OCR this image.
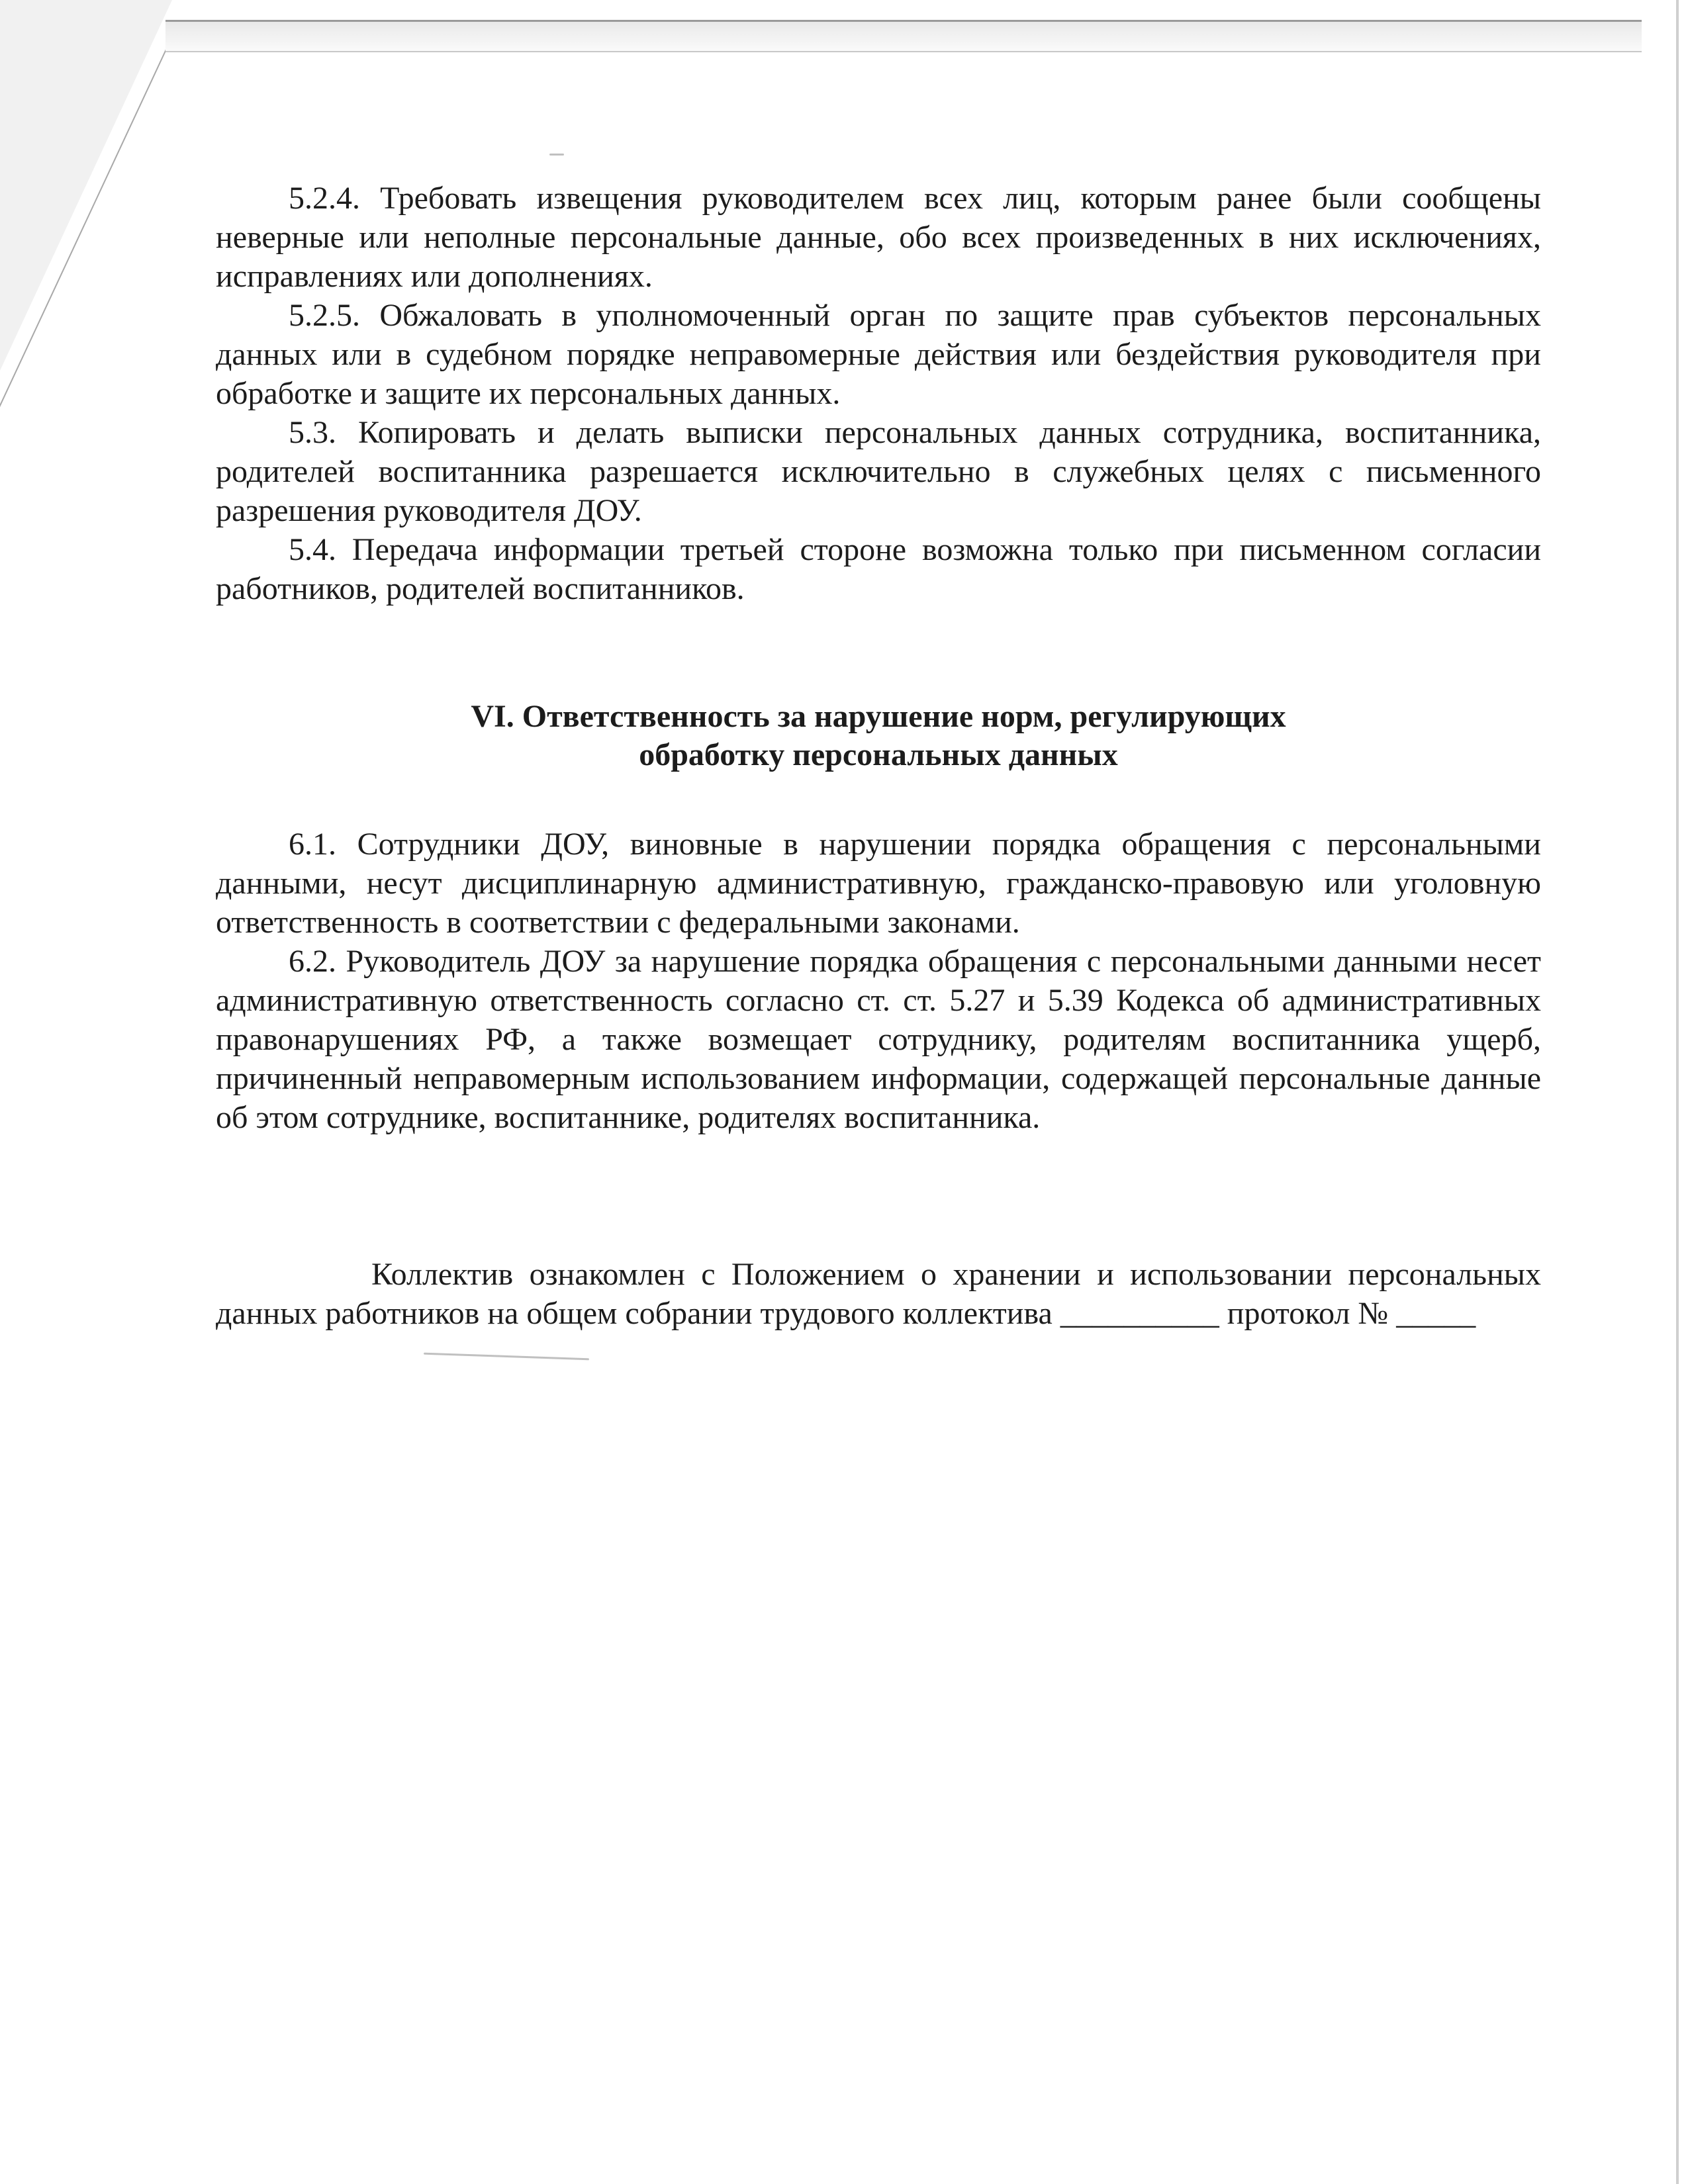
5.2.4. Требовать извещения руководителем всех лиц, которым ранее были сообщены неверные или неполные персональные данные, обо всех произведенных в них исключениях, исправлениях или дополнениях.

5.2.5. Обжаловать в уполномоченный орган по защите прав субъектов персональных данных или в судебном порядке неправомерные действия или бездействия руководителя при обработке и защите их персональных данных.

5.3. Копировать и делать выписки персональных данных сотрудника, воспитанника, родителей воспитанника разрешается исключительно в служебных целях с письменного разрешения руководителя ДОУ.

5.4. Передача информации третьей стороне возможна только при письменном согласии работников, родителей воспитанников.

VI. Ответственность за нарушение норм, регулирующих
обработку персональных данных

6.1. Сотрудники ДОУ, виновные в нарушении порядка обращения с персональными данными, несут дисциплинарную административную, гражданско-правовую или уголовную ответственность в соответствии с федеральными законами.

6.2. Руководитель ДОУ за нарушение порядка обращения с персональными данными несет административную ответственность согласно ст. ст. 5.27 и 5.39 Кодекса об административных правонарушениях РФ, а также возмещает сотруднику, родителям воспитанника ущерб, причиненный неправомерным использованием информации, содержащей персональные данные об этом сотруднике, воспитаннике, родителях воспитанника.

Коллектив ознакомлен с Положением о хранении и использовании персональных данных работников на общем собрании трудового коллектива __________ протокол № _____
